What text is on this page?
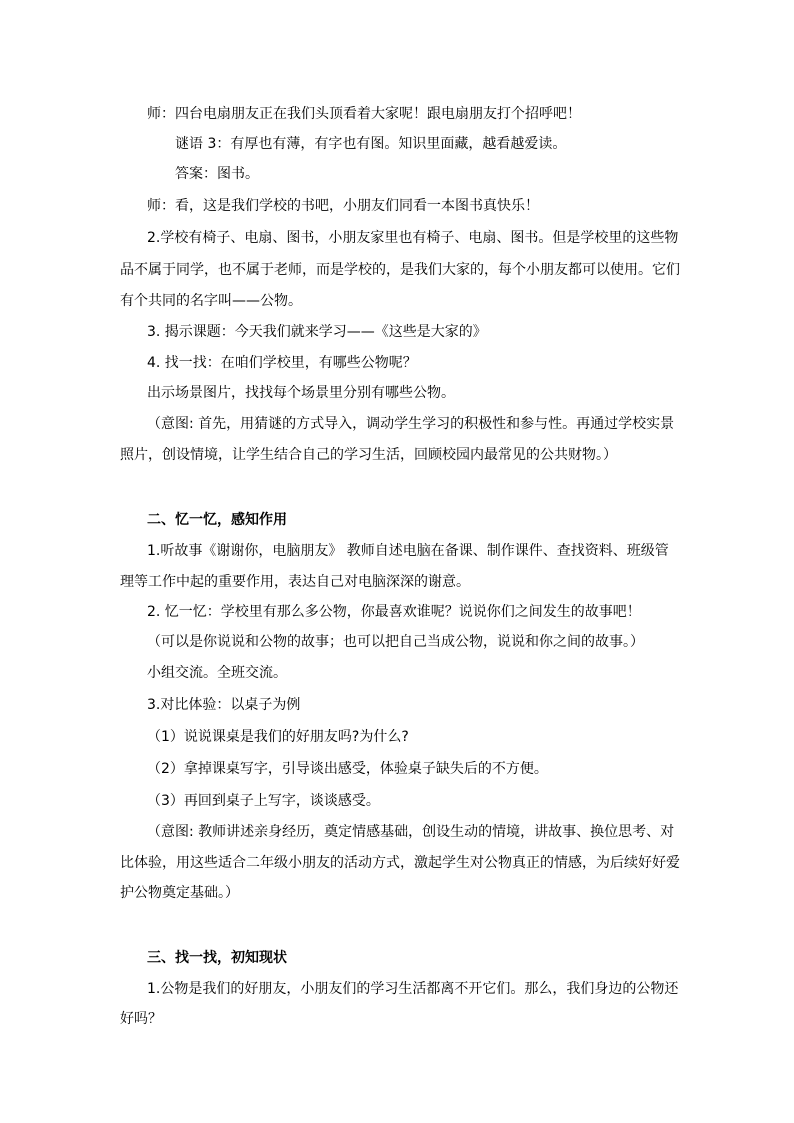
师：四台电扇朋友正在我们头顶看着大家呢！跟电扇朋友打个招呼吧！

谜语 3：有厚也有薄，有字也有图。知识里面藏，越看越爱读。

答案：图书。

师：看，这是我们学校的书吧，小朋友们同看一本图书真快乐！

2.学校有椅子、电扇、图书，小朋友家里也有椅子、电扇、图书。但是学校里的这些物

品不属于同学，也不属于老师，而是学校的，是我们大家的，每个小朋友都可以使用。它们

有个共同的名字叫——公物。

3. 揭示课题：今天我们就来学习——《这些是大家的》

4. 找一找：在咱们学校里，有哪些公物呢？

出示场景图片，找找每个场景里分别有哪些公物。

（意图: 首先，用猜谜的方式导入，调动学生学习的积极性和参与性。再通过学校实景

照片，创设情境，让学生结合自己的学习生活，回顾校园内最常见的公共财物。）

二、忆一忆，感知作用

1.听故事《谢谢你，电脑朋友》 教师自述电脑在备课、制作课件、查找资料、班级管

理等工作中起的重要作用，表达自己对电脑深深的谢意。

2. 忆一忆：学校里有那么多公物，你最喜欢谁呢？说说你们之间发生的故事吧！

（可以是你说说和公物的故事；也可以把自己当成公物，说说和你之间的故事。）

小组交流。全班交流。

3.对比体验：以桌子为例

（1）说说课桌是我们的好朋友吗?为什么?

（2）拿掉课桌写字，引导谈出感受，体验桌子缺失后的不方便。

（3）再回到桌子上写字，谈谈感受。

（意图: 教师讲述亲身经历，奠定情感基础，创设生动的情境，讲故事、换位思考、对

比体验，用这些适合二年级小朋友的活动方式，激起学生对公物真正的情感，为后续好好爱

护公物奠定基础。）

三、找一找，初知现状

1.公物是我们的好朋友，小朋友们的学习生活都离不开它们。那么，我们身边的公物还

好吗？
